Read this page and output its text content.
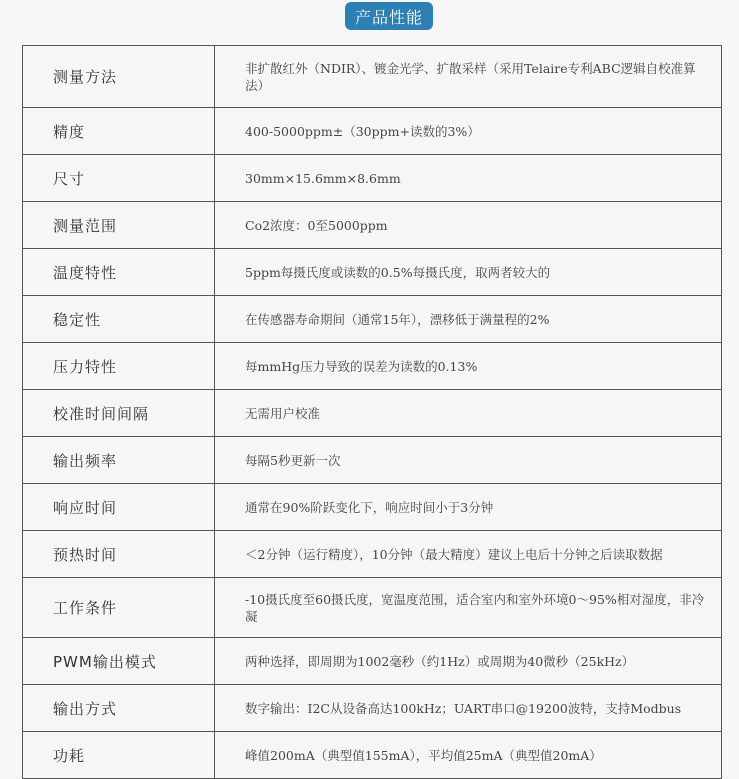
产品性能
测量方法	非扩散红外（NDIR）、镀金光学、扩散采样（采用Telaire专利ABC逻辑自校准算法）
精度	400-5000ppm±（30ppm+读数的3%）
尺寸	30mm×15.6mm×8.6mm
测量范围	Co2浓度：0至5000ppm
温度特性	5ppm每摄氏度或读数的0.5%每摄氏度，取两者较大的
稳定性	在传感器寿命期间（通常15年），漂移低于满量程的2%
压力特性	每mmHg压力导致的误差为读数的0.13%
校准时间间隔	无需用户校准
输出频率	每隔5秒更新一次
响应时间	通常在90%阶跃变化下，响应时间小于3分钟
预热时间	＜2分钟（运行精度），10分钟（最大精度）建议上电后十分钟之后读取数据
工作条件	-10摄氏度至60摄氏度，宽温度范围，适合室内和室外环境0～95%相对湿度，非冷凝
PWM输出模式	两种选择，即周期为1002毫秒（约1Hz）或周期为40微秒（25kHz）
输出方式	数字输出：I2C从设备高达100kHz；UART串口@19200波特，支持Modbus
功耗	峰值200mA（典型值155mA），平均值25mA（典型值20mA）
